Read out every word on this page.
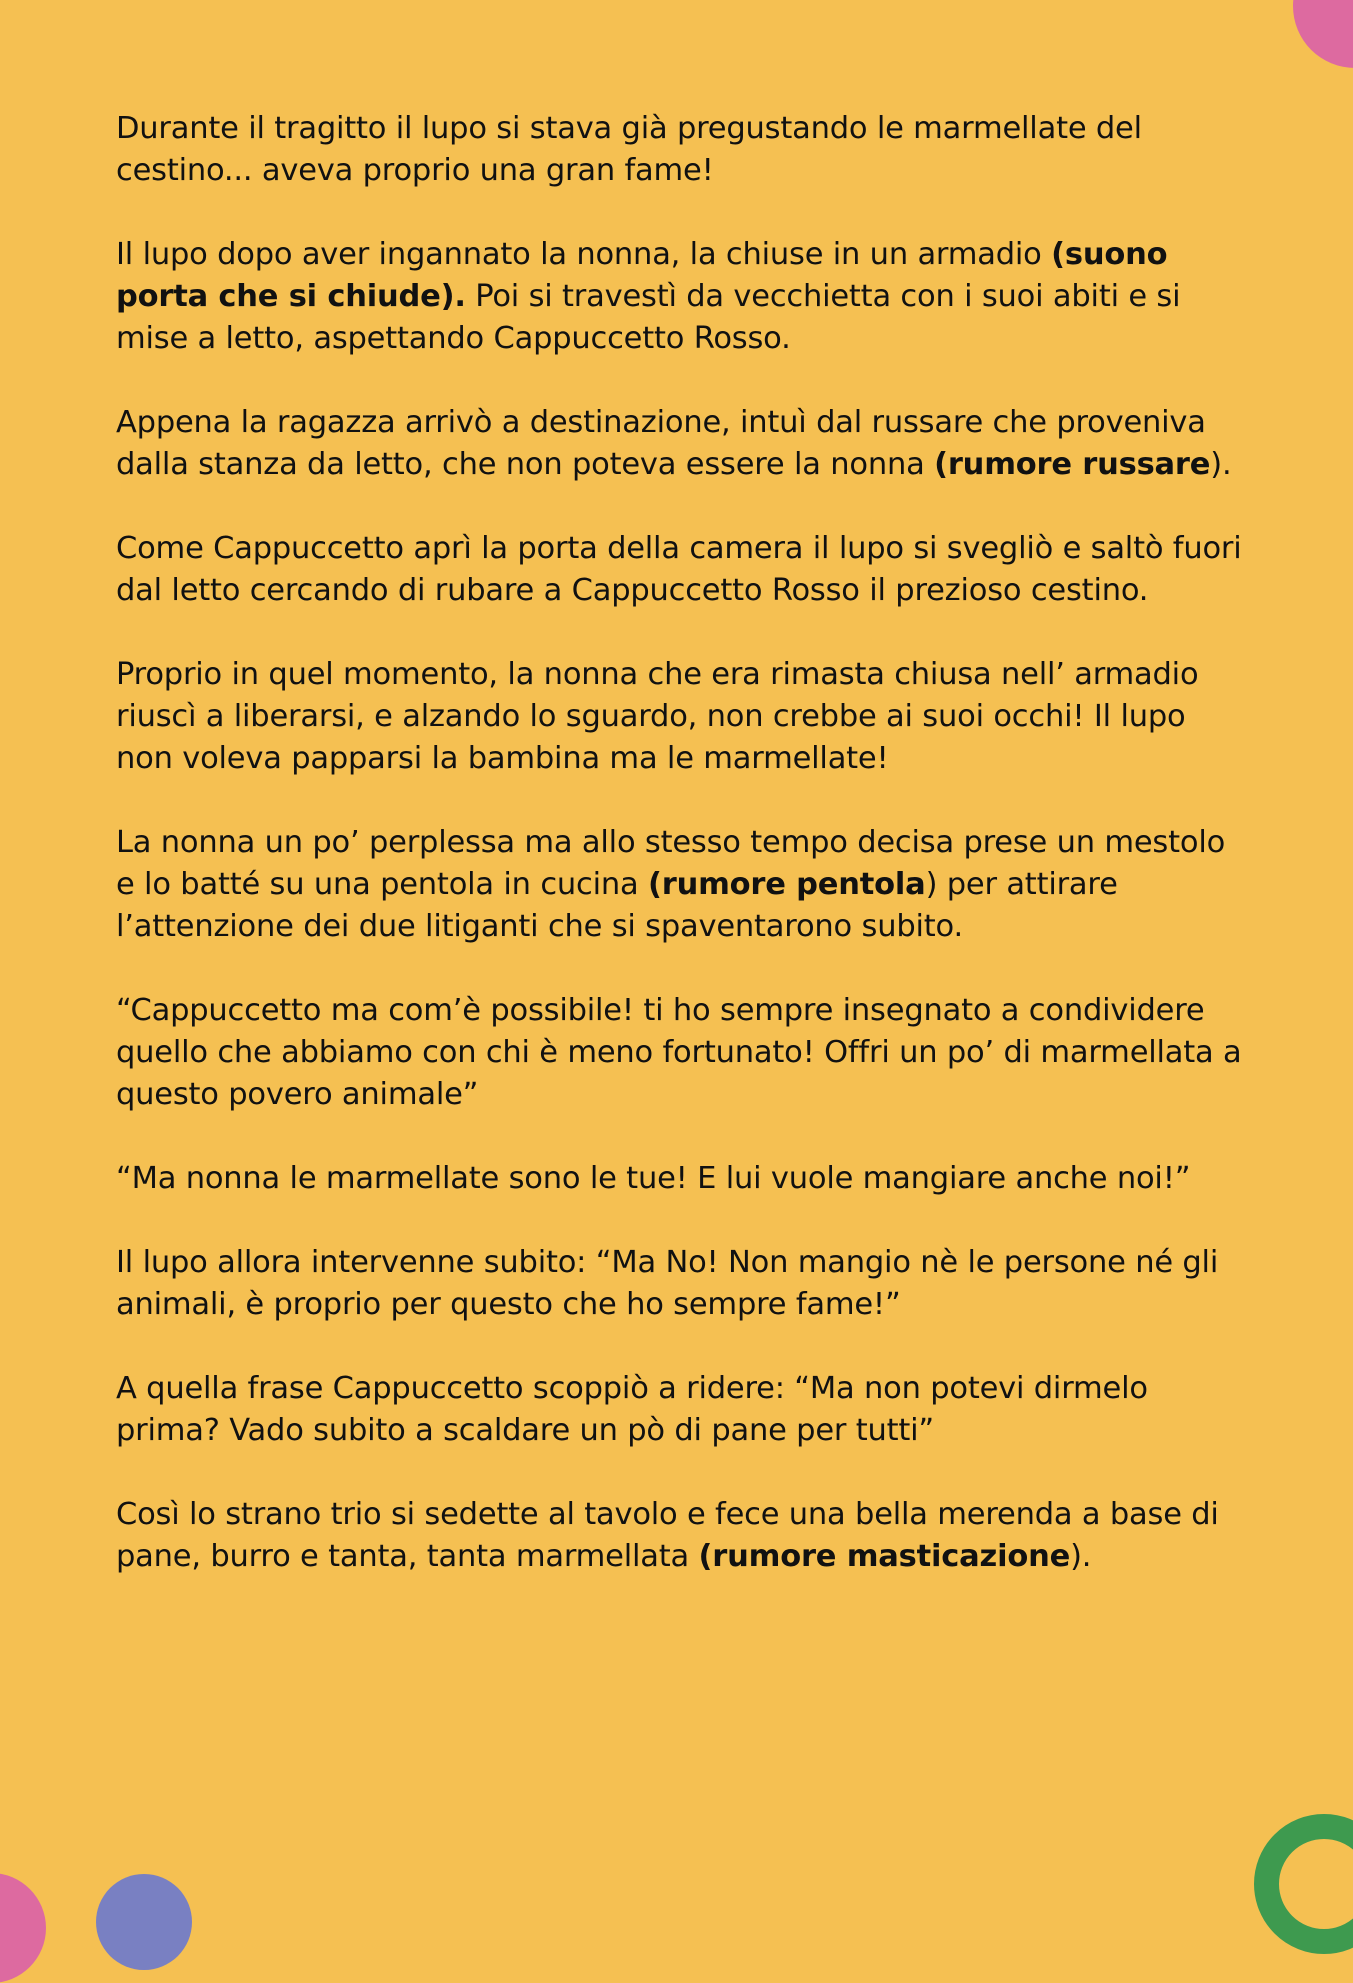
Durante il tragitto il lupo si stava già pregustando le marmellate del cestino... aveva proprio una gran fame!

Il lupo dopo aver ingannato la nonna, la chiuse in un armadio (suono porta che si chiude). Poi si travestì da vecchietta con i suoi abiti e si mise a letto, aspettando Cappuccetto Rosso.

Appena la ragazza arrivò a destinazione, intuì dal russare che proveniva dalla stanza da letto, che non poteva essere la nonna (rumore russare).

Come Cappuccetto aprì la porta della camera il lupo si svegliò e saltò fuori dal letto cercando di rubare a Cappuccetto Rosso il prezioso cestino.

Proprio in quel momento, la nonna che era rimasta chiusa nell’ armadio riuscì a liberarsi, e alzando lo sguardo, non crebbe ai suoi occhi! Il lupo non voleva papparsi la bambina ma le marmellate!

La nonna un po’ perplessa ma allo stesso tempo decisa prese un mestolo e lo batté su una pentola in cucina (rumore pentola) per attirare l’attenzione dei due litiganti che si spaventarono subito.

“Cappuccetto ma com’è possibile! ti ho sempre insegnato a condividere quello che abbiamo con chi è meno fortunato! Offri un po’ di marmellata a questo povero animale”

“Ma nonna le marmellate sono le tue! E lui vuole mangiare anche noi!”

Il lupo allora intervenne subito: “Ma No! Non mangio nè le persone né gli animali, è proprio per questo che ho sempre fame!”

A quella frase Cappuccetto scoppiò a ridere: “Ma non potevi dirmelo prima? Vado subito a scaldare un pò di pane per tutti”

Così lo strano trio si sedette al tavolo e fece una bella merenda a base di pane, burro e tanta, tanta marmellata (rumore masticazione).
